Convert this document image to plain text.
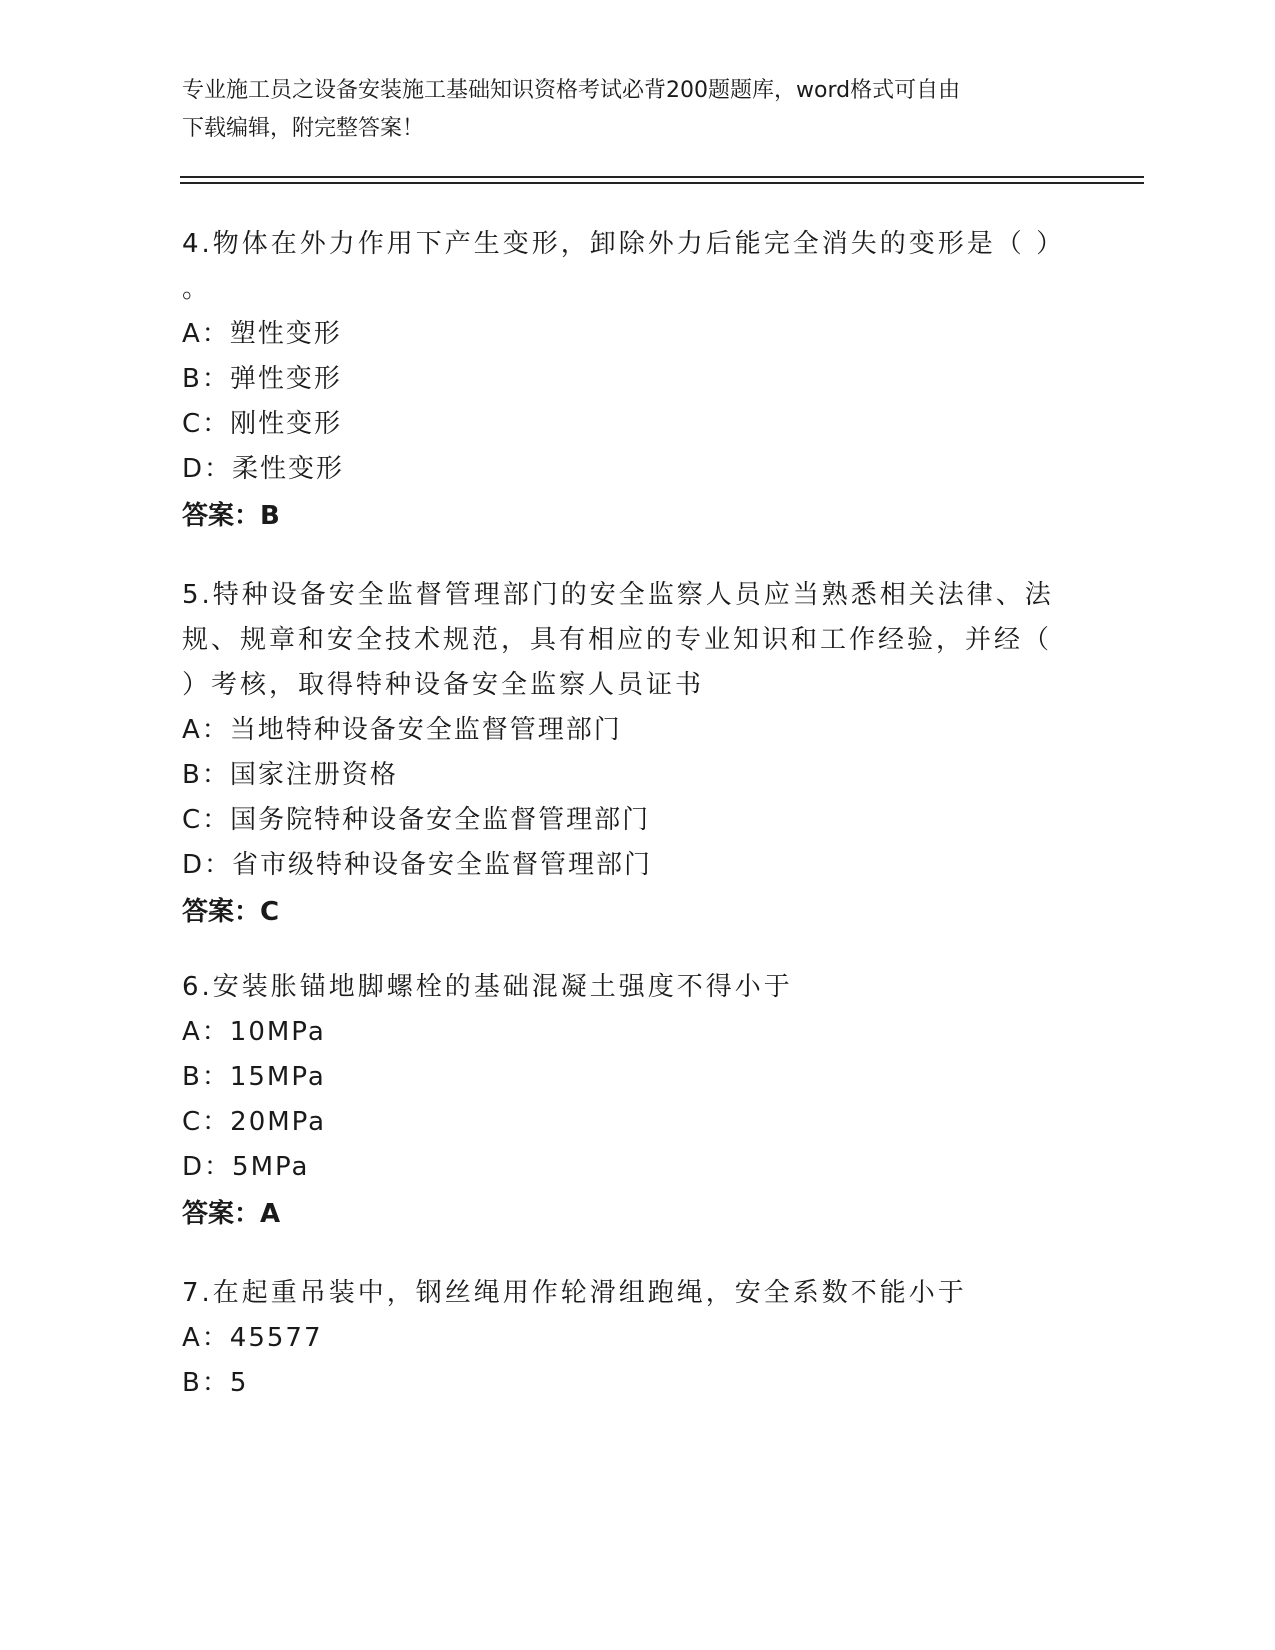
专业施工员之设备安装施工基础知识资格考试必背200题题库，word格式可自由
下载编辑，附完整答案！
4.物体在外力作用下产生变形，卸除外力后能完全消失的变形是（ ）
。
A：塑性变形
B：弹性变形
C：刚性变形
D：柔性变形
答案：B
5.特种设备安全监督管理部门的安全监察人员应当熟悉相关法律、法
规、规章和安全技术规范，具有相应的专业知识和工作经验，并经（
）考核，取得特种设备安全监察人员证书
A：当地特种设备安全监督管理部门
B：国家注册资格
C：国务院特种设备安全监督管理部门
D：省市级特种设备安全监督管理部门
答案：C
6.安装胀锚地脚螺栓的基础混凝土强度不得小于
A：10MPa
B：15MPa
C：20MPa
D：5MPa
答案：A
7.在起重吊装中，钢丝绳用作轮滑组跑绳，安全系数不能小于
A：45577
B：5
